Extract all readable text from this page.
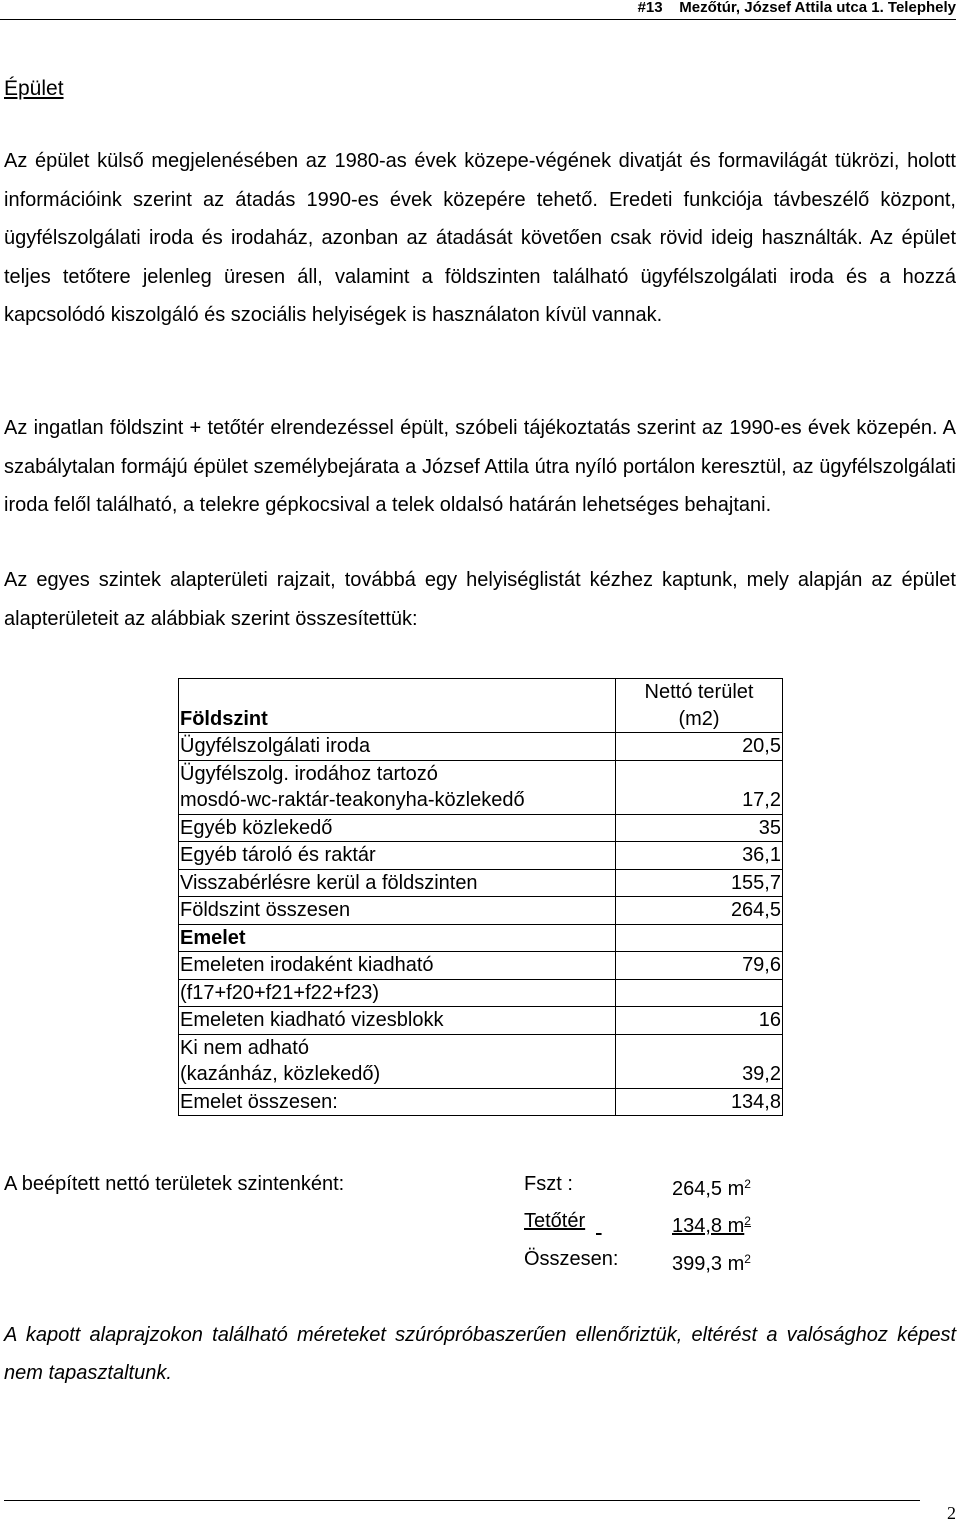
#13    Mezőtúr, József Attila utca 1. Telephely
Épület

Az épület külső megjelenésében az 1980-as évek közepe-végének divatját és formavilágát tükrözi, holott információink szerint az átadás 1990-es évek közepére tehető. Eredeti funkciója távbeszélő központ, ügyfélszolgálati iroda és irodaház, azonban az átadását követően csak rövid ideig használták. Az épület teljes tetőtere jelenleg üresen áll, valamint a földszinten található ügyfélszolgálati iroda és a hozzá kapcsolódó kiszolgáló és szociális helyiségek is használaton kívül vannak.

Az ingatlan földszint + tetőtér elrendezéssel épült, szóbeli tájékoztatás szerint az 1990-es évek közepén. A szabálytalan formájú épület személybejárata a József Attila útra nyíló portálon keresztül, az ügyfélszolgálati iroda felől található, a telekre gépkocsival a telek oldalsó határán lehetséges behajtani.

Az egyes szintek alapterületi rajzait, továbbá egy helyiséglistát kézhez kaptunk, mely alapján az épület alapterületeit az alábbiak szerint összesítettük:

Földszint	Nettó terület
(m2)

Ügyfélszolgálati iroda	20,5

Ügyfélszolg. irodához tartozó
mosdó-wc-raktár-teakonyha-közlekedő	17,2
Egyéb közlekedő	35
Egyéb tároló és raktár	36,1
Visszabérlésre kerül a földszinten	155,7
Földszint összesen	264,5
Emelet	
Emeleten irodaként kiadható	79,6
(f17+f20+f21+f22+f23)	
Emeleten kiadható vizesblokk	16

Ki nem adható
(kazánház, közlekedő)	39,2
Emelet összesen:	134,8
A beépített nettó területek szintenként:	Fszt :	264,5 $m^2$
Tetőtér	134,8 $m^2$
Összesen:	399,3 $m^2$

A kapott alaprajzokon található méreteket szúrópróbaszerűen ellenőriztük, eltérést a valósághoz képest nem tapasztaltunk.

2
